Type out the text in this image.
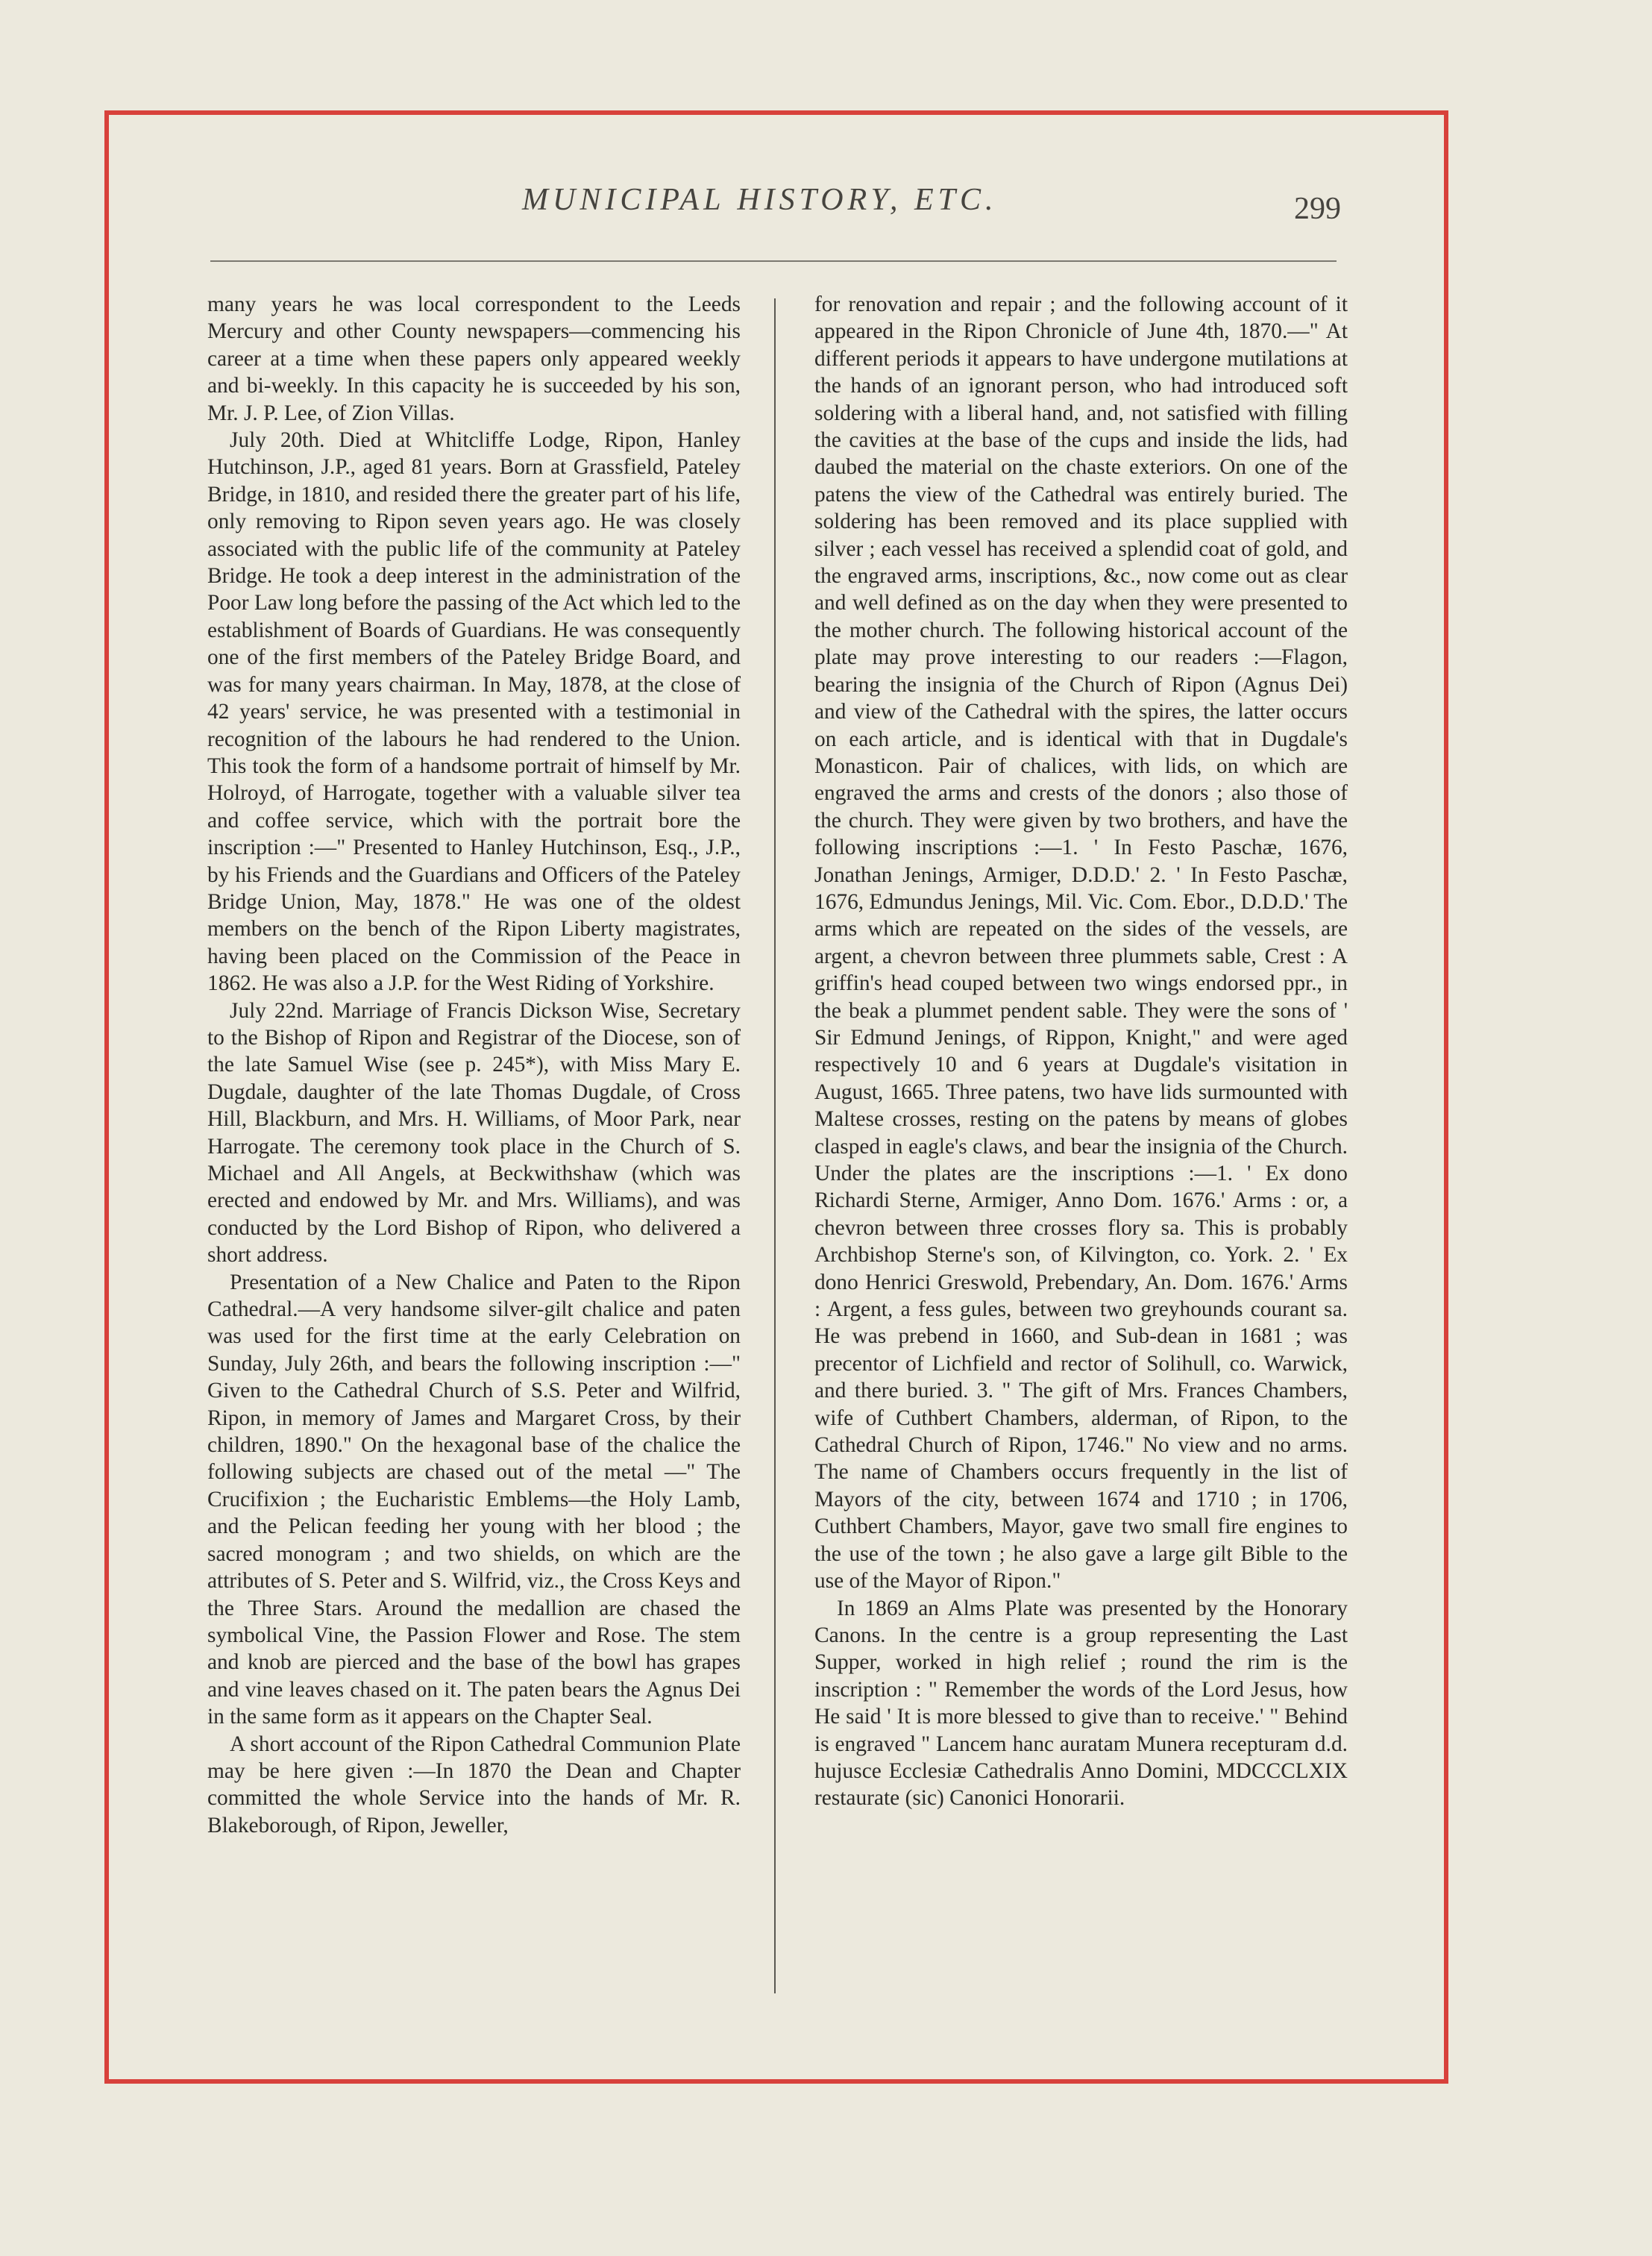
MUNICIPAL HISTORY, ETC.	299

many years he was local correspondent to the Leeds Mercury and other County newspapers—commencing his career at a time when these papers only appeared weekly and bi-weekly. In this capacity he is succeeded by his son, Mr. J. P. Lee, of Zion Villas.

July 20th. Died at Whitcliffe Lodge, Ripon, Hanley Hutchinson, J.P., aged 81 years. Born at Grassfield, Pateley Bridge, in 1810, and resided there the greater part of his life, only removing to Ripon seven years ago. He was closely associated with the public life of the community at Pateley Bridge. He took a deep interest in the administration of the Poor Law long before the passing of the Act which led to the establishment of Boards of Guardians. He was consequently one of the first members of the Pateley Bridge Board, and was for many years chairman. In May, 1878, at the close of 42 years' service, he was presented with a testimonial in recognition of the labours he had rendered to the Union. This took the form of a handsome portrait of himself by Mr. Holroyd, of Harrogate, together with a valuable silver tea and coffee service, which with the portrait bore the inscription :—" Presented to Hanley Hutchinson, Esq., J.P., by his Friends and the Guardians and Officers of the Pateley Bridge Union, May, 1878." He was one of the oldest members on the bench of the Ripon Liberty magistrates, having been placed on the Commission of the Peace in 1862. He was also a J.P. for the West Riding of Yorkshire.

July 22nd. Marriage of Francis Dickson Wise, Secretary to the Bishop of Ripon and Registrar of the Diocese, son of the late Samuel Wise (see p. 245*), with Miss Mary E. Dugdale, daughter of the late Thomas Dugdale, of Cross Hill, Blackburn, and Mrs. H. Williams, of Moor Park, near Harrogate. The ceremony took place in the Church of S. Michael and All Angels, at Beckwithshaw (which was erected and endowed by Mr. and Mrs. Williams), and was conducted by the Lord Bishop of Ripon, who delivered a short address.

Presentation of a New Chalice and Paten to the Ripon Cathedral.—A very handsome silver-gilt chalice and paten was used for the first time at the early Celebration on Sunday, July 26th, and bears the following inscription :—" Given to the Cathedral Church of S.S. Peter and Wilfrid, Ripon, in memory of James and Margaret Cross, by their children, 1890." On the hexagonal base of the chalice the following subjects are chased out of the metal —" The Crucifixion ; the Eucharistic Emblems—the Holy Lamb, and the Pelican feeding her young with her blood ; the sacred monogram ; and two shields, on which are the attributes of S. Peter and S. Wilfrid, viz., the Cross Keys and the Three Stars. Around the medallion are chased the symbolical Vine, the Passion Flower and Rose. The stem and knob are pierced and the base of the bowl has grapes and vine leaves chased on it. The paten bears the Agnus Dei in the same form as it appears on the Chapter Seal.

A short account of the Ripon Cathedral Communion Plate may be here given :—In 1870 the Dean and Chapter committed the whole Service into the hands of Mr. R. Blakeborough, of Ripon, Jeweller,

for renovation and repair ; and the following account of it appeared in the Ripon Chronicle of June 4th, 1870.—" At different periods it appears to have undergone mutilations at the hands of an ignorant person, who had introduced soft soldering with a liberal hand, and, not satisfied with filling the cavities at the base of the cups and inside the lids, had daubed the material on the chaste exteriors. On one of the patens the view of the Cathedral was entirely buried. The soldering has been removed and its place supplied with silver ; each vessel has received a splendid coat of gold, and the engraved arms, inscriptions, &c., now come out as clear and well defined as on the day when they were presented to the mother church. The following historical account of the plate may prove interesting to our readers :—Flagon, bearing the insignia of the Church of Ripon (Agnus Dei) and view of the Cathedral with the spires, the latter occurs on each article, and is identical with that in Dugdale's Monasticon. Pair of chalices, with lids, on which are engraved the arms and crests of the donors ; also those of the church. They were given by two brothers, and have the following inscriptions :—1. ' In Festo Paschæ, 1676, Jonathan Jenings, Armiger, D.D.D.' 2. ' In Festo Paschæ, 1676, Edmundus Jenings, Mil. Vic. Com. Ebor., D.D.D.' The arms which are repeated on the sides of the vessels, are argent, a chevron between three plummets sable, Crest : A griffin's head couped between two wings endorsed ppr., in the beak a plummet pendent sable. They were the sons of ' Sir Edmund Jenings, of Rippon, Knight," and were aged respectively 10 and 6 years at Dugdale's visitation in August, 1665. Three patens, two have lids surmounted with Maltese crosses, resting on the patens by means of globes clasped in eagle's claws, and bear the insignia of the Church. Under the plates are the inscriptions :—1. ' Ex dono Richardi Sterne, Armiger, Anno Dom. 1676.' Arms : or, a chevron between three crosses flory sa. This is probably Archbishop Sterne's son, of Kilvington, co. York. 2. ' Ex dono Henrici Greswold, Prebendary, An. Dom. 1676.' Arms : Argent, a fess gules, between two greyhounds courant sa. He was prebend in 1660, and Sub-dean in 1681 ; was precentor of Lichfield and rector of Solihull, co. Warwick, and there buried. 3. " The gift of Mrs. Frances Chambers, wife of Cuthbert Chambers, alderman, of Ripon, to the Cathedral Church of Ripon, 1746." No view and no arms. The name of Chambers occurs frequently in the list of Mayors of the city, between 1674 and 1710 ; in 1706, Cuthbert Chambers, Mayor, gave two small fire engines to the use of the town ; he also gave a large gilt Bible to the use of the Mayor of Ripon."

In 1869 an Alms Plate was presented by the Honorary Canons. In the centre is a group representing the Last Supper, worked in high relief ; round the rim is the inscription : " Remember the words of the Lord Jesus, how He said ' It is more blessed to give than to receive.' " Behind is engraved " Lancem hanc auratam Munera recepturam d.d. hujusce Ecclesiæ Cathedralis Anno Domini, MDCCCLXIX restaurate (sic) Canonici Honorarii.
